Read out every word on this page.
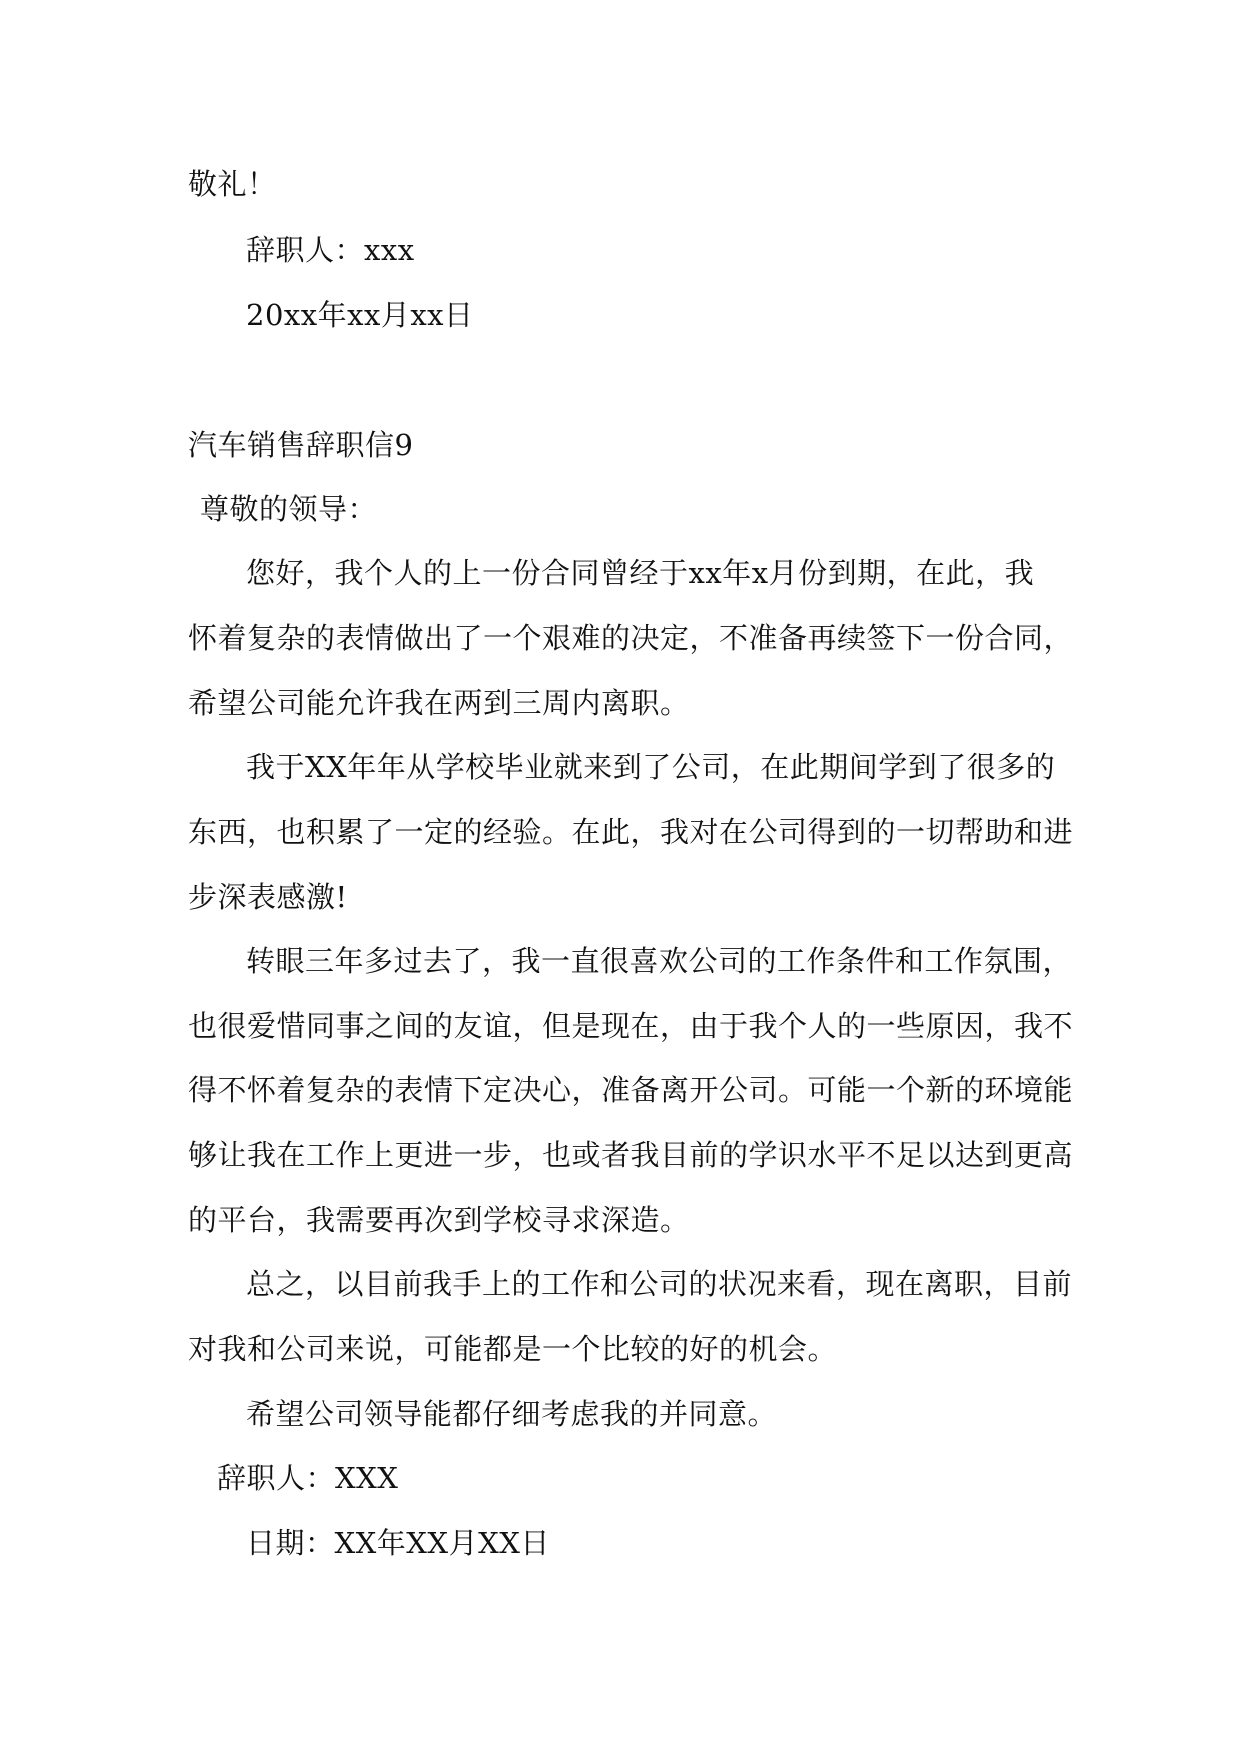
敬礼！

辞职人：xxx

20xx年xx月xx日

汽车销售辞职信9

尊敬的领导：

您好，我个人的上一份合同曾经于xx年x月份到期，在此，我

怀着复杂的表情做出了一个艰难的决定，不准备再续签下一份合同，

希望公司能允许我在两到三周内离职。

我于XX年年从学校毕业就来到了公司，在此期间学到了很多的

东西，也积累了一定的经验。在此，我对在公司得到的一切帮助和进

步深表感激!

转眼三年多过去了，我一直很喜欢公司的工作条件和工作氛围，

也很爱惜同事之间的友谊，但是现在，由于我个人的一些原因，我不

得不怀着复杂的表情下定决心，准备离开公司。可能一个新的环境能

够让我在工作上更进一步，也或者我目前的学识水平不足以达到更高

的平台，我需要再次到学校寻求深造。

总之，以目前我手上的工作和公司的状况来看，现在离职，目前

对我和公司来说，可能都是一个比较的好的机会。

希望公司领导能都仔细考虑我的并同意。

辞职人：XXX

日期：XX年XX月XX日
